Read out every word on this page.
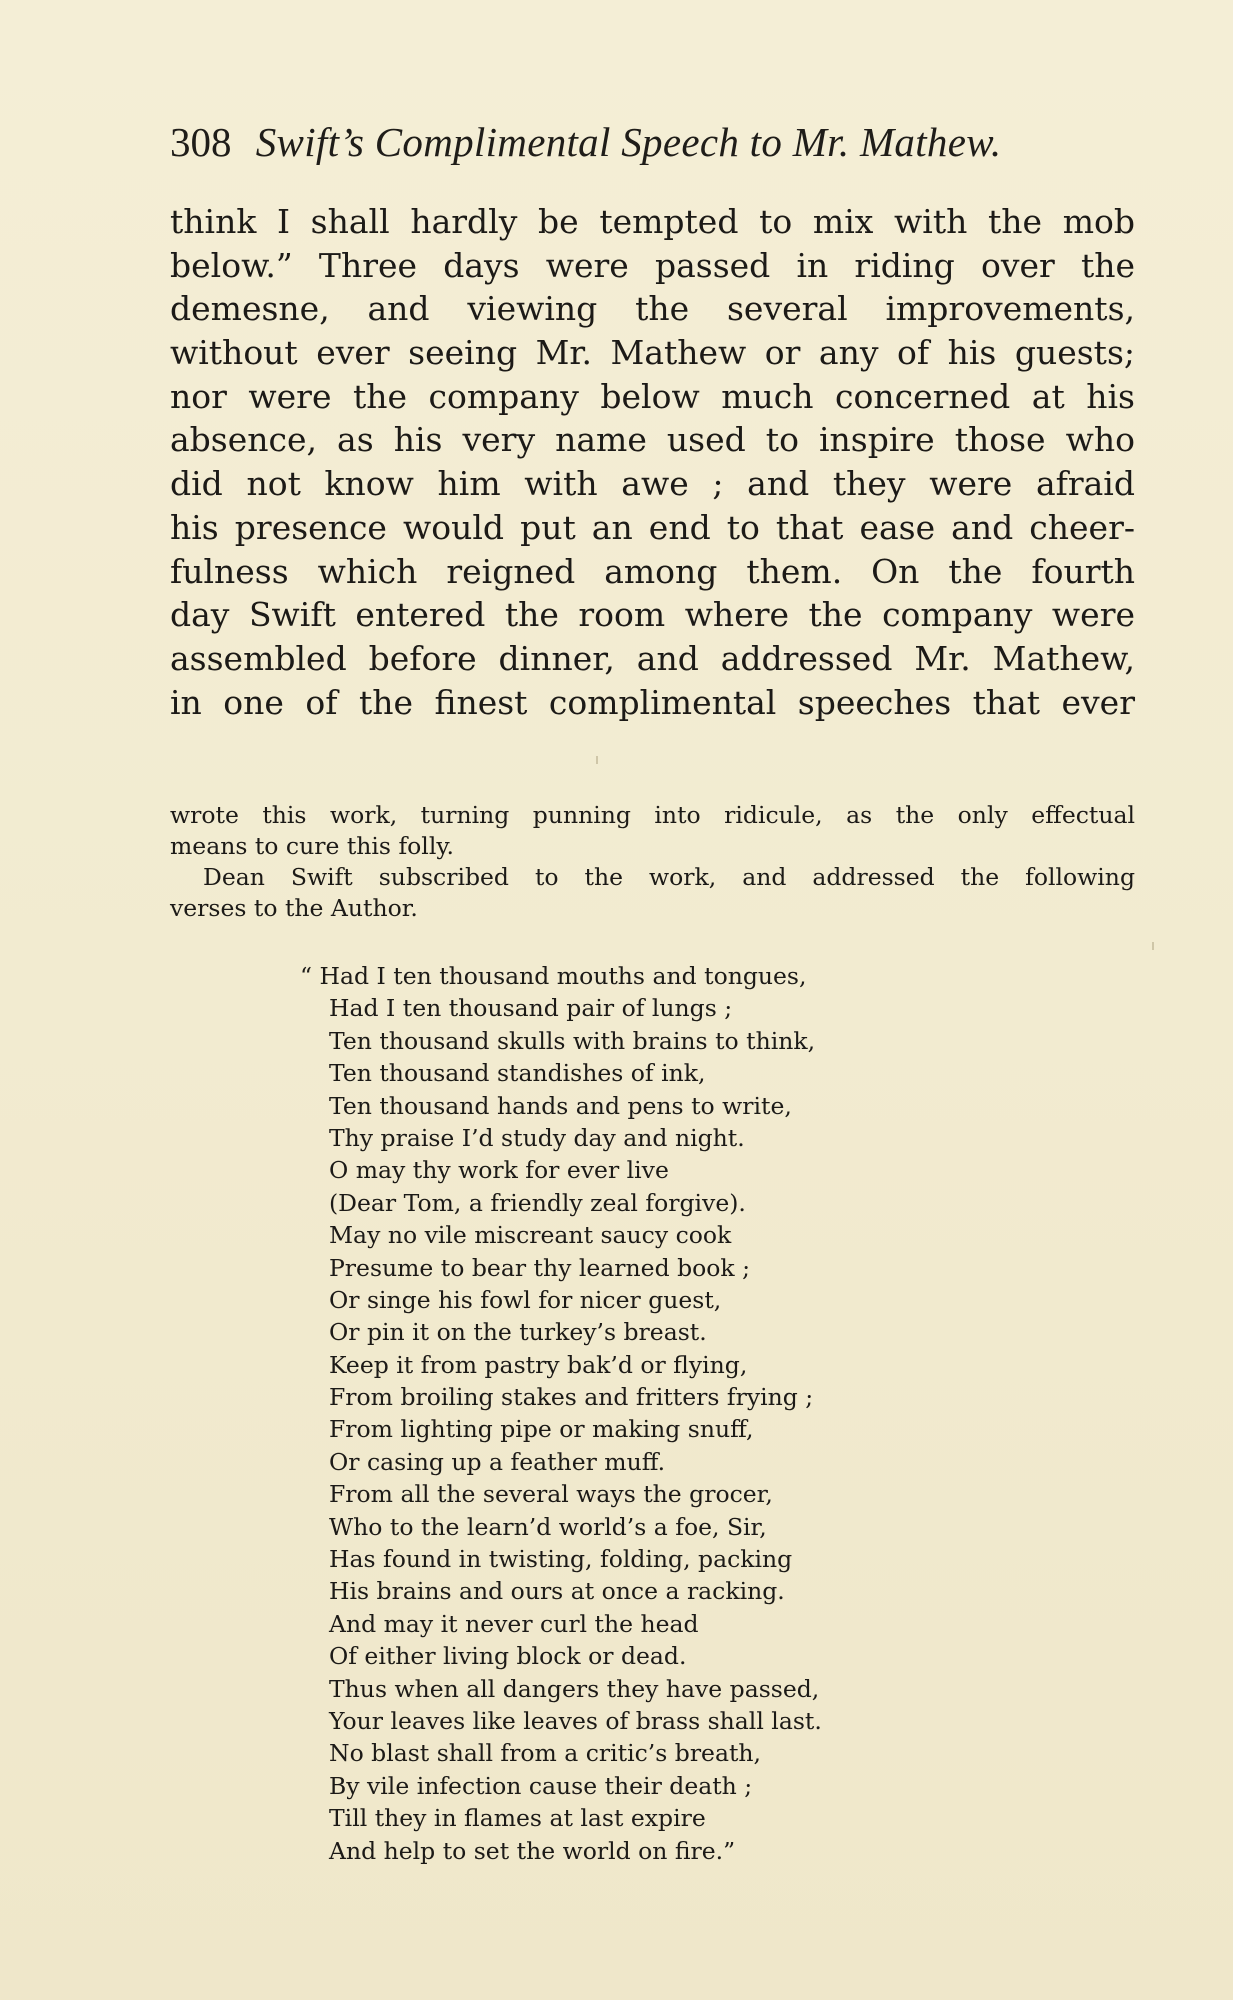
308 Swift’s Complimental Speech to Mr. Mathew.
think I shall hardly be tempted to mix with the mob
below.” Three days were passed in riding over the
demesne, and viewing the several improvements,
without ever seeing Mr. Mathew or any of his guests;
nor were the company below much concerned at his
absence, as his very name used to inspire those who
did not know him with awe ; and they were afraid
his presence would put an end to that ease and cheer-
fulness which reigned among them. On the fourth
day Swift entered the room where the company were
assembled before dinner, and addressed Mr. Mathew,
in one of the finest complimental speeches that ever
wrote this work, turning punning into ridicule, as the only effectual
means to cure this folly.
Dean Swift subscribed to the work, and addressed the following
verses to the Author.
“ Had I ten thousand mouths and tongues,
Had I ten thousand pair of lungs ;
Ten thousand skulls with brains to think,
Ten thousand standishes of ink,
Ten thousand hands and pens to write,
Thy praise I’d study day and night.
O may thy work for ever live
(Dear Tom, a friendly zeal forgive).
May no vile miscreant saucy cook
Presume to bear thy learned book ;
Or singe his fowl for nicer guest,
Or pin it on the turkey’s breast.
Keep it from pastry bak’d or flying,
From broiling stakes and fritters frying ;
From lighting pipe or making snuff,
Or casing up a feather muff.
From all the several ways the grocer,
Who to the learn’d world’s a foe, Sir,
Has found in twisting, folding, packing
His brains and ours at once a racking.
And may it never curl the head
Of either living block or dead.
Thus when all dangers they have passed,
Your leaves like leaves of brass shall last.
No blast shall from a critic’s breath,
By vile infection cause their death ;
Till they in flames at last expire
And help to set the world on fire.”
